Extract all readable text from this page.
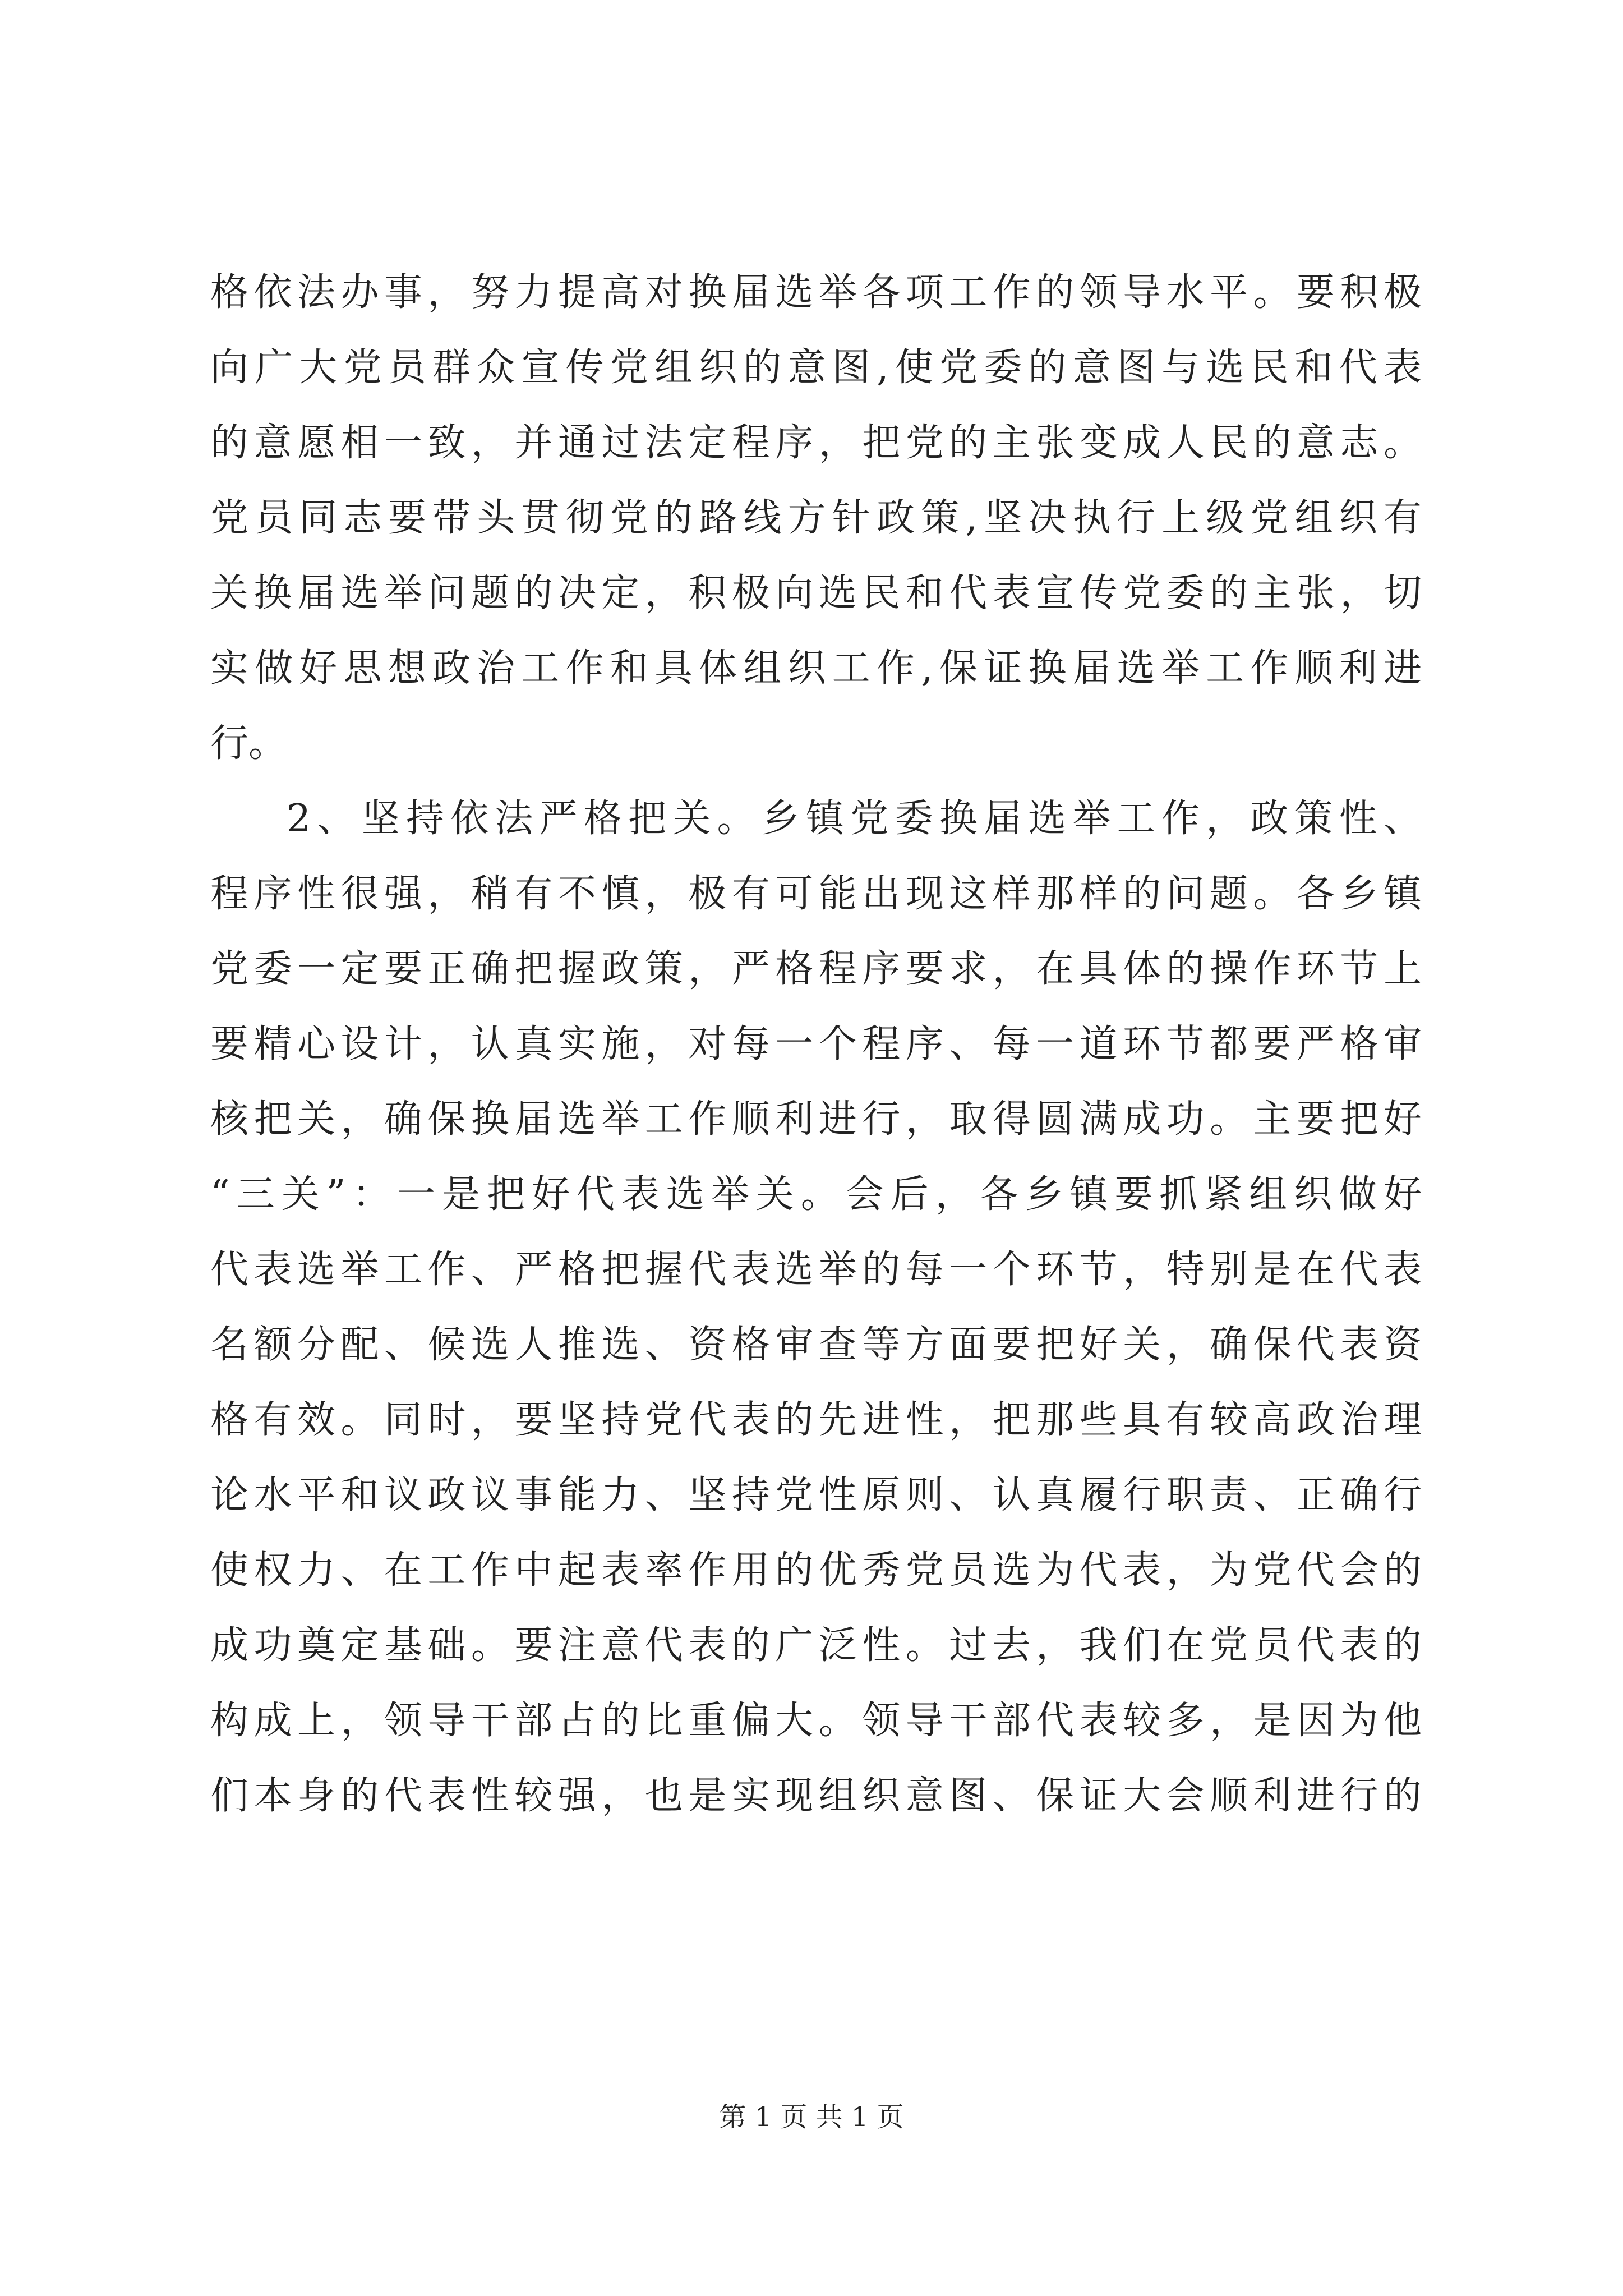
格依法办事，努力提高对换届选举各项工作的领导水平。要积极
向广大党员群众宣传党组织的意图,使党委的意图与选民和代表
的意愿相一致，并通过法定程序，把党的主张变成人民的意志。
党员同志要带头贯彻党的路线方针政策,坚决执行上级党组织有
关换届选举问题的决定，积极向选民和代表宣传党委的主张，切
实做好思想政治工作和具体组织工作,保证换届选举工作顺利进
行。
2、坚持依法严格把关。乡镇党委换届选举工作，政策性、
程序性很强，稍有不慎，极有可能出现这样那样的问题。各乡镇
党委一定要正确把握政策，严格程序要求，在具体的操作环节上
要精心设计，认真实施，对每一个程序、每一道环节都要严格审
核把关，确保换届选举工作顺利进行，取得圆满成功。主要把好
“三关”：一是把好代表选举关。会后，各乡镇要抓紧组织做好
代表选举工作、严格把握代表选举的每一个环节，特别是在代表
名额分配、候选人推选、资格审查等方面要把好关，确保代表资
格有效。同时，要坚持党代表的先进性，把那些具有较高政治理
论水平和议政议事能力、坚持党性原则、认真履行职责、正确行
使权力、在工作中起表率作用的优秀党员选为代表，为党代会的
成功奠定基础。要注意代表的广泛性。过去，我们在党员代表的
构成上，领导干部占的比重偏大。领导干部代表较多，是因为他
们本身的代表性较强，也是实现组织意图、保证大会顺利进行的
第 1 页 共 1 页
